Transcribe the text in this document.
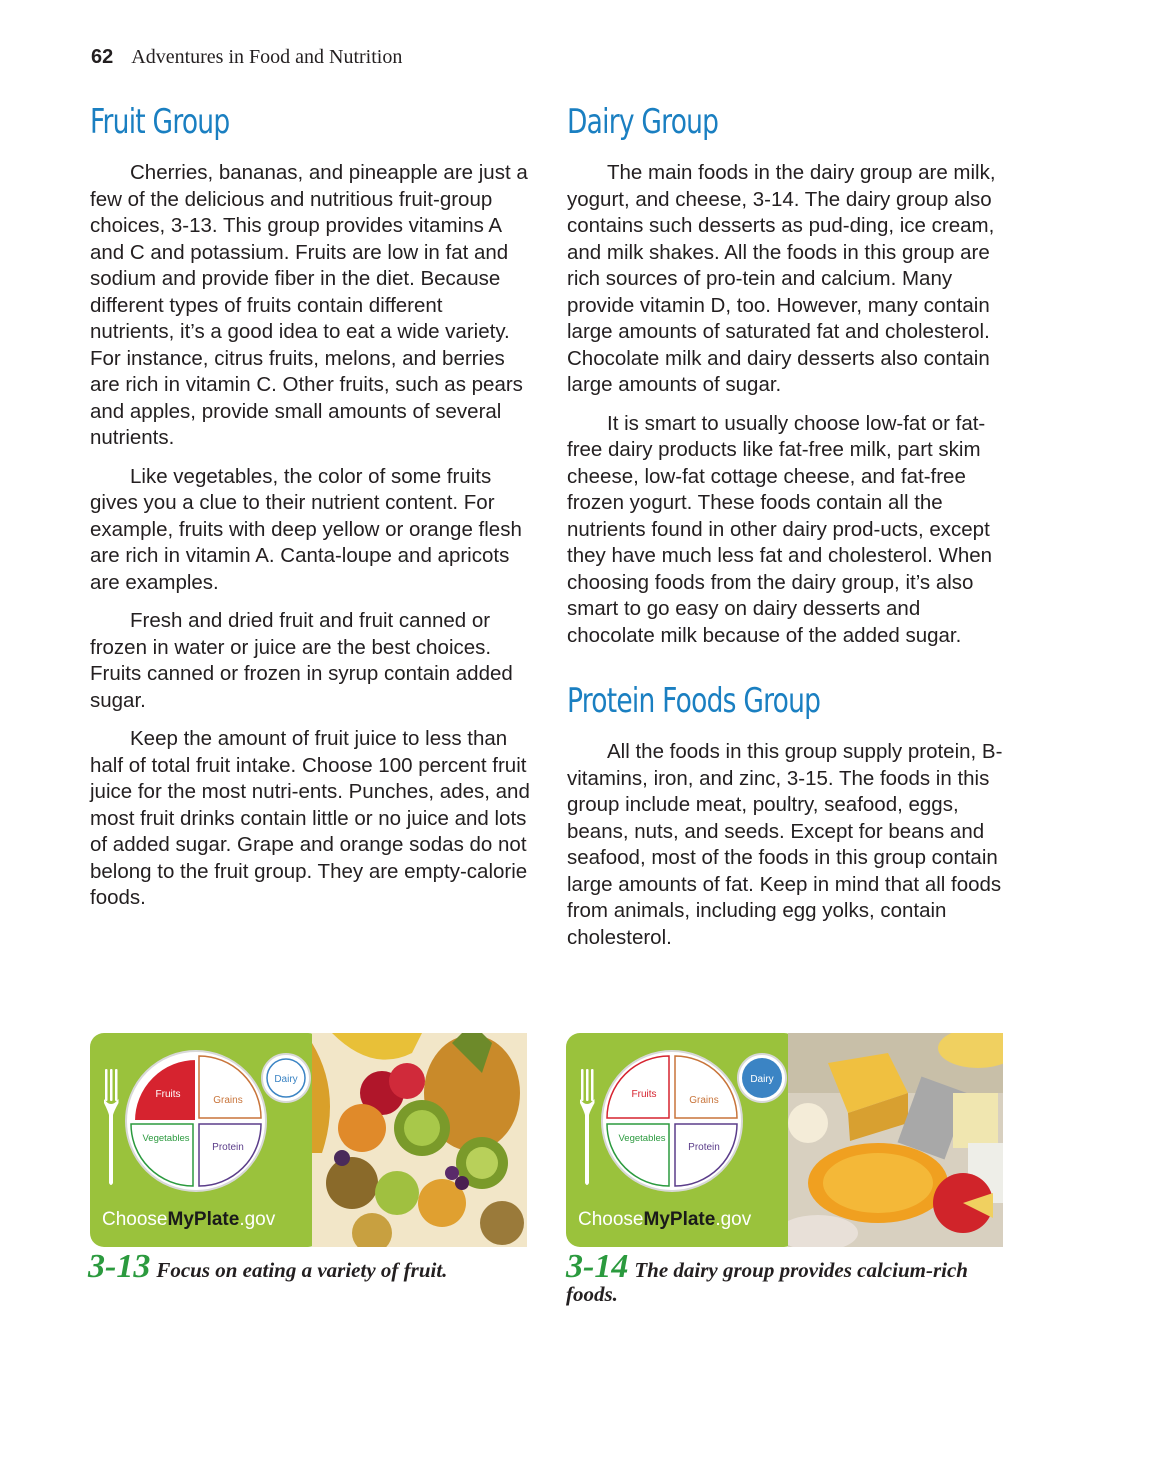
62 Adventures in Food and Nutrition
Fruit Group

Cherries, bananas, and pineapple are just a few of the delicious and nutritious fruit-group choices, 3-13. This group provides vitamins A and C and potassium. Fruits are low in fat and sodium and provide fiber in the diet. Because different types of fruits contain different nutrients, it’s a good idea to eat a wide variety. For instance, citrus fruits, melons, and berries are rich in vitamin C. Other fruits, such as pears and apples, provide small amounts of several nutrients.

Like vegetables, the color of some fruits gives you a clue to their nutrient content. For example, fruits with deep yellow or orange flesh are rich in vitamin A. Canta-loupe and apricots are examples.

Fresh and dried fruit and fruit canned or frozen in water or juice are the best choices. Fruits canned or frozen in syrup contain added sugar.

Keep the amount of fruit juice to less than half of total fruit intake. Choose 100 percent fruit juice for the most nutri-ents. Punches, ades, and most fruit drinks contain little or no juice and lots of added sugar. Grape and orange sodas do not belong to the fruit group. They are empty-calorie foods.

Dairy Group

The main foods in the dairy group are milk, yogurt, and cheese, 3-14. The dairy group also contains such desserts as pud-ding, ice cream, and milk shakes. All the foods in this group are rich sources of pro-tein and calcium. Many provide vitamin D, too. However, many contain large amounts of saturated fat and cholesterol. Chocolate milk and dairy desserts also contain large amounts of sugar.

It is smart to usually choose low-fat or fat-free dairy products like fat-free milk, part skim cheese, low-fat cottage cheese, and fat-free frozen yogurt. These foods contain all the nutrients found in other dairy prod-ucts, except they have much less fat and cholesterol. When choosing foods from the dairy group, it’s also smart to go easy on dairy desserts and chocolate milk because of the added sugar.

Protein Foods Group

All the foods in this group supply protein, B-vitamins, iron, and zinc, 3-15. The foods in this group include meat, poultry, seafood, eggs, beans, nuts, and seeds. Except for beans and seafood, most of the foods in this group contain large amounts of fat. Keep in mind that all foods from animals, including egg yolks, contain cholesterol.

Fruits
Grains
Vegetables
Protein
Dairy
ChooseMyPlate.gov
Fruits
Grains
Vegetables
Protein
Dairy
ChooseMyPlate.gov
3-13 Focus on eating a variety of fruit.	3-14 The dairy group provides calcium-rich foods.
